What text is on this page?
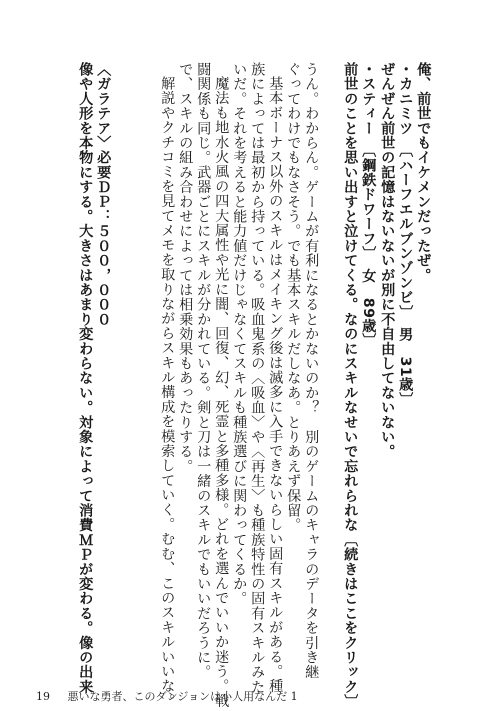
俺、前世でもイケメンだったぜ。
・カニミツ　〔ハーフエルブンゾンビ〕　男　31歳〕
ぜんぜん前世の記憶はないないが別に不自由してないない。
・スティー　〔鋼鉄ドワーフ〕　女　89歳〕
前世のことを思い出すと泣けてくる。なのにスキルなせいで忘れられな〔続きはここをクリック〕
うん。わからん。ゲームが有利になるとかないのか？　別のゲームのキャラのデータを引き継
ぐってわけでもなさそう。でも基本スキルだしなあ。とりあえず保留。
基本ボーナス以外のスキルはメイキング後は滅多に入手できないらしい固有スキルがある。種
族によっては最初から持っている。吸血鬼系の〈吸血〉や〈再生〉も種族特性の固有スキルみた
いだ。それを考えると能力値だけじゃなくてスキルも種族選びに関わってくるか。
魔法も地水火風の四大属性や光に闇、回復、幻、死霊と多種多様。どれを選んでいいか迷う。戦
闘関係も同じ。武器ごとにスキルが分かれている。剣と刀は一緒のスキルでもいいだろうに。
で、スキルの組み合わせによっては相乗効果もあったりする。
解説やクチコミを見てメモを取りながらスキル構成を模索していく。むむ、このスキルいいな。
〈ガラテア〉必要ＤＰ：５００，０００
像や人形を本物にする。大きさはあまり変わらない。対象によって消費ＭＰが変わる。像の出来
19 悪いな勇者、このダンジョンは小人用なんだ 1
